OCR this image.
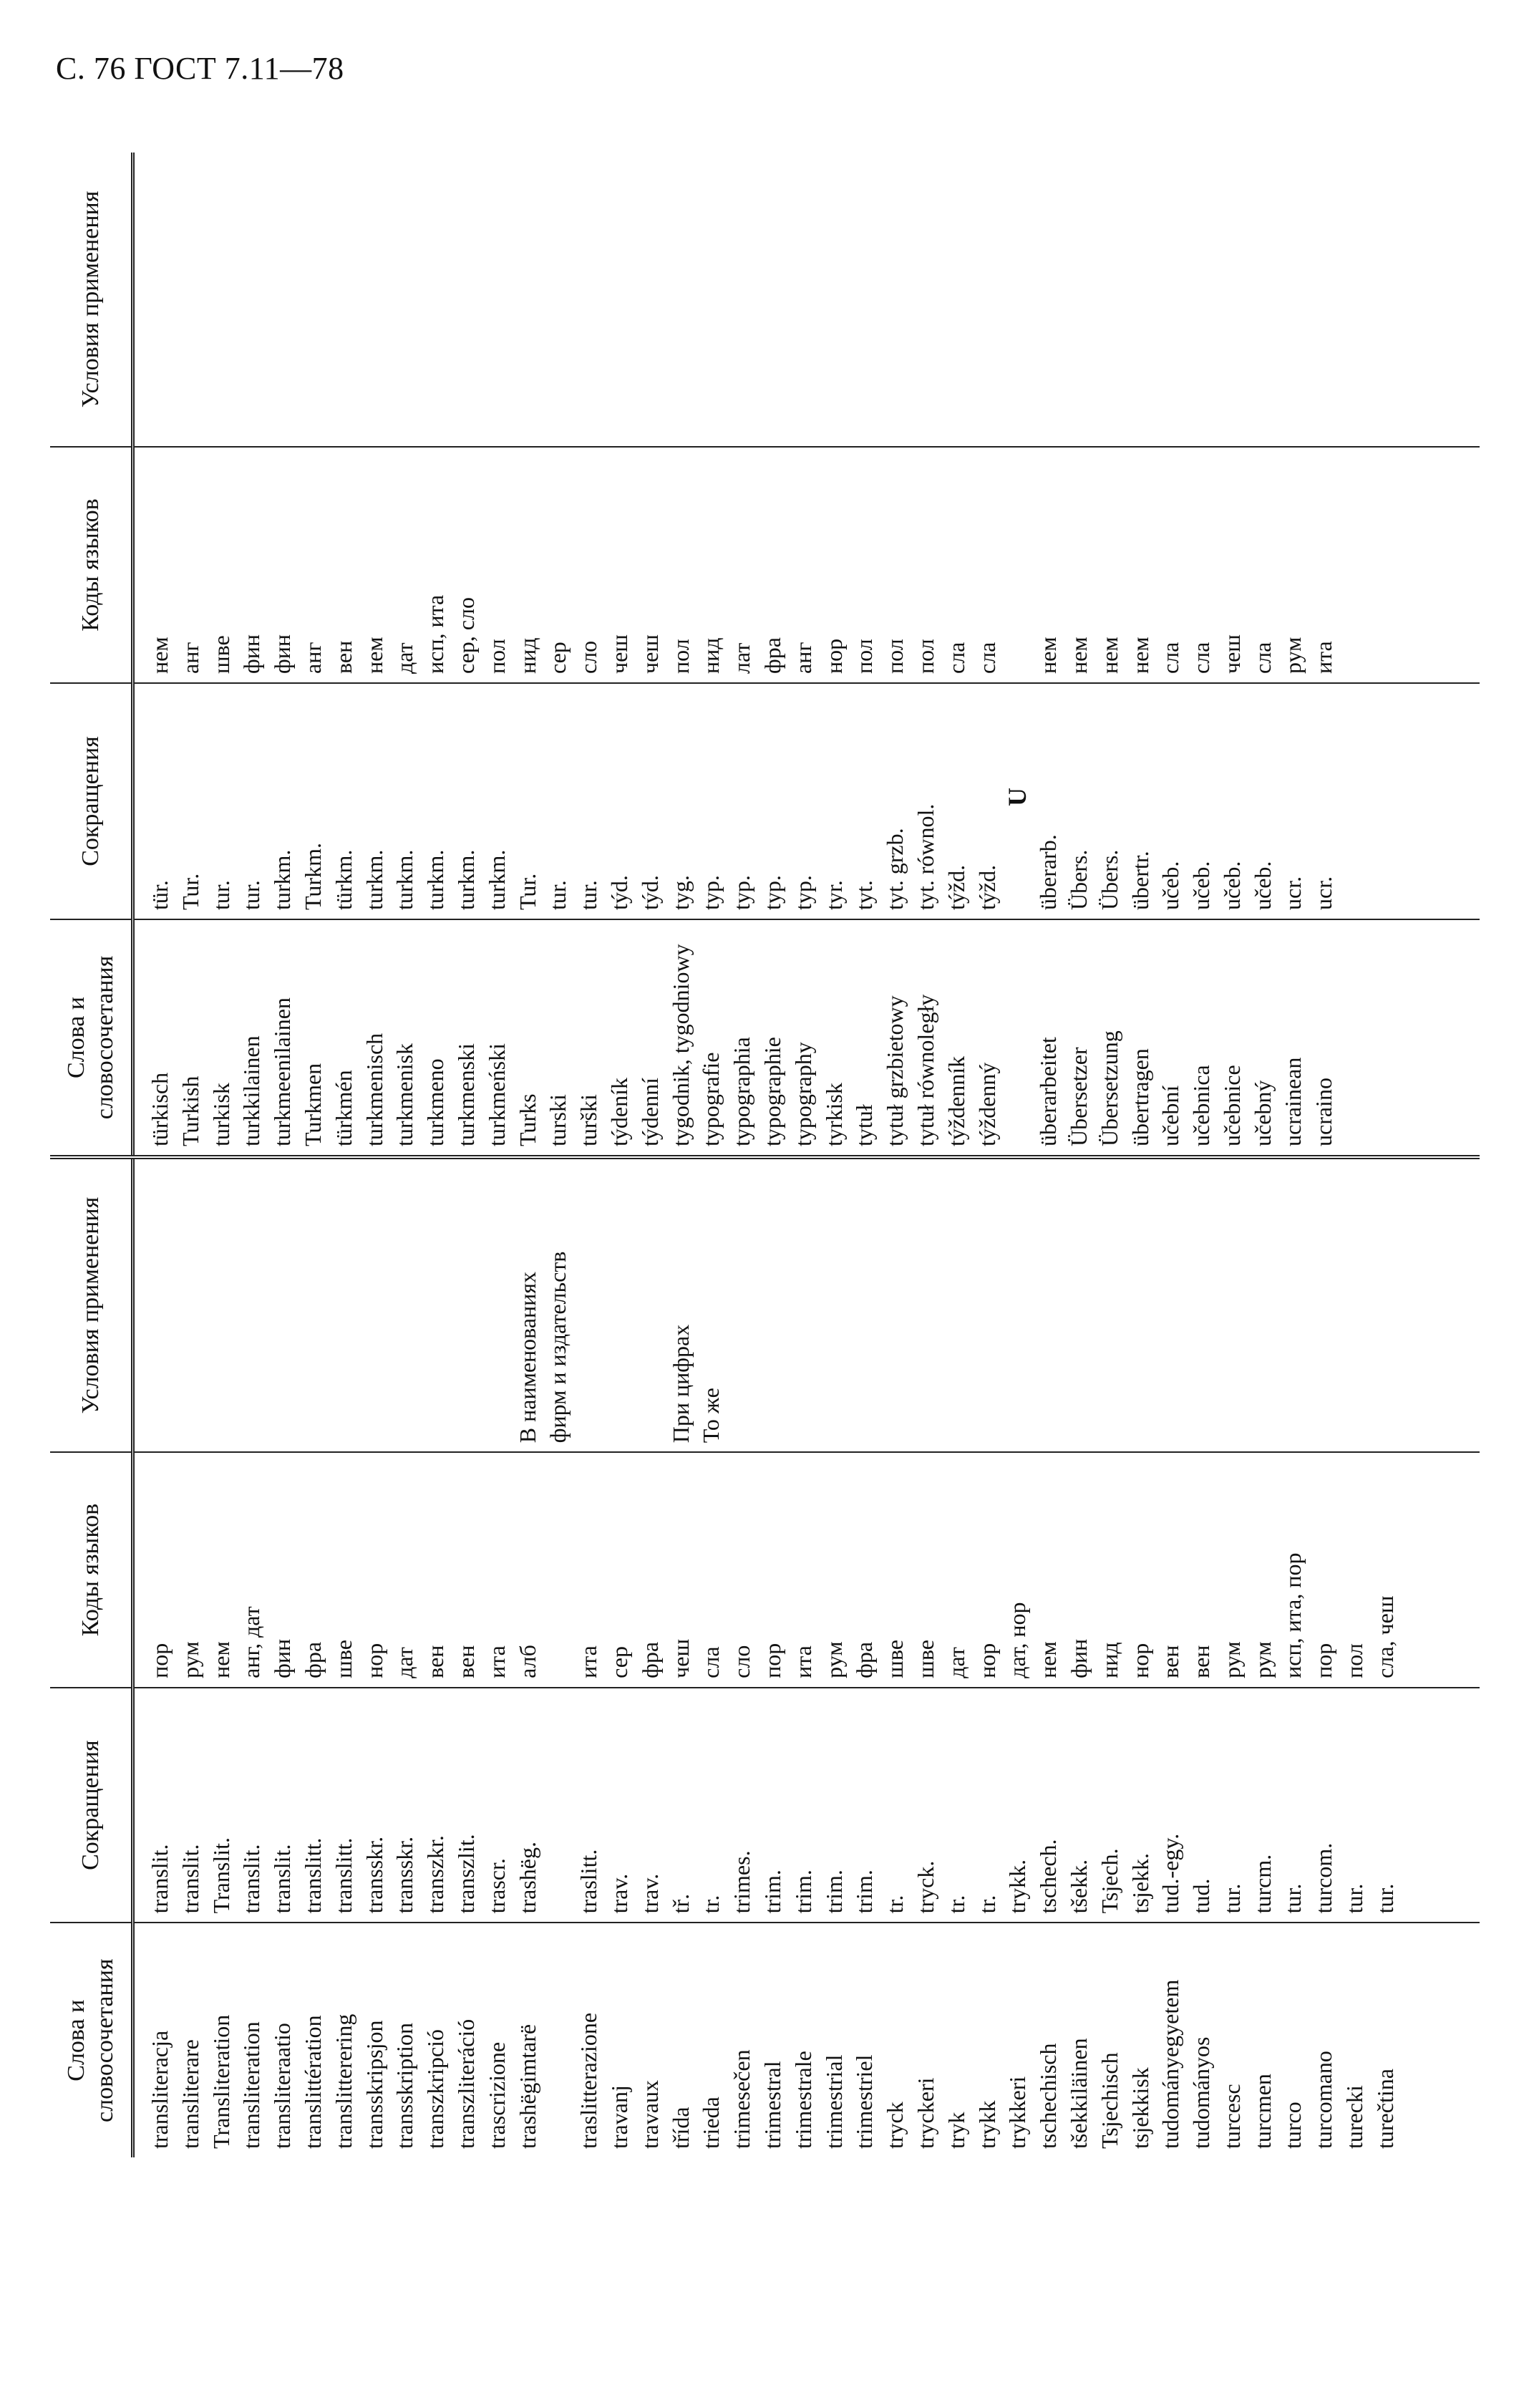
С. 76 ГОСТ 7.11—78
Слова и словосочетания
Сокращения
Коды языков
Условия применения
transliteracja transliterare Transliteration transliteration transliteraatio translittération translitterering transskripsjon transskription transzkripció transzliteráció trascrizione trashëgimtarë traslitterazione travanj travaux třída trieda trimesečen trimestral trimestrale trimestrial trimestriel tryck tryckeri tryk trykk trykkeri tschechisch tšekkiläinen Tsjechisch tsjekkisk tudományegyetem tudományos turcesc turcmen turco turcomano turecki turečtina
translit. translit. Translit. translit. translit. translitt. translitt. transskr. transskr. transzkr. transzlit. trascr. trashëg. traslitt. trav. trav. tř. tr. trimes. trim. trim. trim. trim. tr. tryck. tr. tr. trykk. tschech. tšekk. Tsjech. tsjekk. tud.-egy. tud. tur. turcm. tur. turcom. tur. tur.
пор рум нем анг, дат фин фра шве нор дат вен вен ита алб ита сер фра чеш сла сло пор ита рум фра шве шве дат нор дат, нор нем фин нид нор вен вен рум рум исп, ита, пор пор пол сла, чеш
В наименованиях фирм и издательств	При цифрах То же
Слова и словосочетания
Сокращения
Коды языков
Условия применения
türkisch Turkish turkisk turkkilainen turkmeenilainen Turkmen türkmén turkmenisch turkmenisk turkmeno turkmenski turkmeński Turks turski turški týdeník týdenní tygodnik, tygodniowy typografie typographia typographie typography tyrkisk tytuł tytuł grzbietowy tytuł równoległy týždenník týždenný überarbeitet Übersetzer Übersetzung übertragen učební učebnica učebnice učebný ucrainean ucraino
tür. Tur. tur. tur. turkm. Turkm. türkm. turkm. turkm. turkm. turkm. turkm. Tur. tur. tur. týd. týd. tyg. typ. typ. typ. typ. tyr. tyt. tyt. grzb. tyt. równol. týžd. týžd.
U
überarb. Übers. Übers. übertr. učeb. učeb. učeb. učeb. ucr. ucr.
нем анг шве фин фин анг вен нем дат исп, ита сер, сло пол нид сер сло чеш чеш пол нид лат фра анг нор пол пол пол сла сла нем нем нем нем сла сла чеш сла рум ита
